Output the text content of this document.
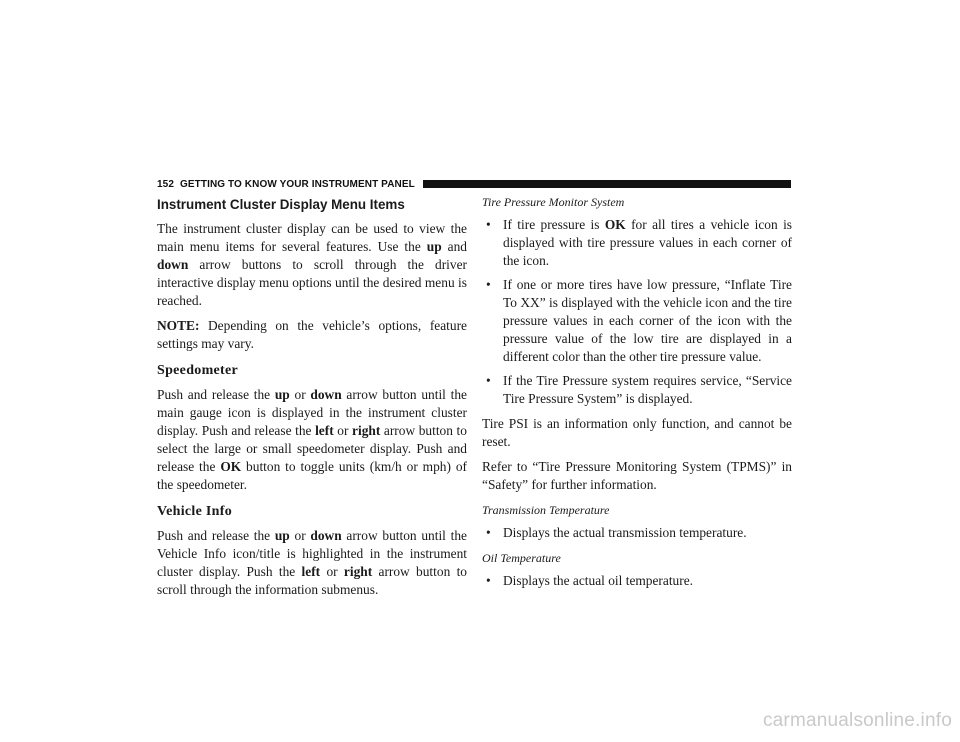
152 GETTING TO KNOW YOUR INSTRUMENT PANEL
Instrument Cluster Display Menu Items

The instrument cluster display can be used to view the main menu items for several features. Use the up and down arrow buttons to scroll through the driver interactive display menu options until the desired menu is reached.

NOTE: Depending on the vehicle’s options, feature settings may vary.

Speedometer

Push and release the up or down arrow button until the main gauge icon is displayed in the instrument cluster display. Push and release the left or right arrow button to select the large or small speedometer display. Push and release the OK button to toggle units (km/h or mph) of the speedometer.

Vehicle Info

Push and release the up or down arrow button until the Vehicle Info icon/title is highlighted in the instrument cluster display. Push the left or right arrow button to scroll through the information submenus.

Tire Pressure Monitor System
• If tire pressure is OK for all tires a vehicle icon is displayed with tire pressure values in each corner of the icon.
• If one or more tires have low pressure, “Inflate Tire To XX” is displayed with the vehicle icon and the tire pressure values in each corner of the icon with the pressure value of the low tire are displayed in a different color than the other tire pressure value.
• If the Tire Pressure system requires service, “Service Tire Pressure System” is displayed.

Tire PSI is an information only function, and cannot be reset.

Refer to “Tire Pressure Monitoring System (TPMS)” in “Safety” for further information.

Transmission Temperature
• Displays the actual transmission temperature.
Oil Temperature
• Displays the actual oil temperature.
carmanualsonline.info
